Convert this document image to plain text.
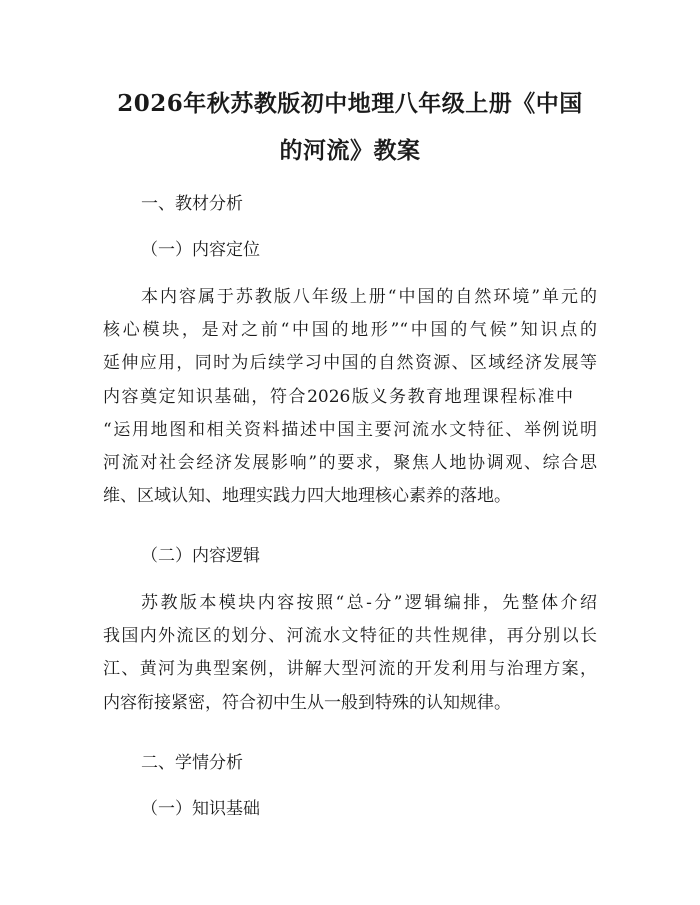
2026年秋苏教版初中地理八年级上册《中国
的河流》教案

一、教材分析

（一）内容定位

本内容属于苏教版八年级上册“中国的自然环境”单元的

核心模块，是对之前“中国的地形”“中国的气候”知识点的

延伸应用，同时为后续学习中国的自然资源、区域经济发展等

内容奠定知识基础，符合2026版义务教育地理课程标准中

“运用地图和相关资料描述中国主要河流水文特征、举例说明

河流对社会经济发展影响”的要求，聚焦人地协调观、综合思

维、区域认知、地理实践力四大地理核心素养的落地。

（二）内容逻辑

苏教版本模块内容按照“总-分”逻辑编排，先整体介绍

我国内外流区的划分、河流水文特征的共性规律，再分别以长

江、黄河为典型案例，讲解大型河流的开发利用与治理方案，

内容衔接紧密，符合初中生从一般到特殊的认知规律。

二、学情分析

（一）知识基础
